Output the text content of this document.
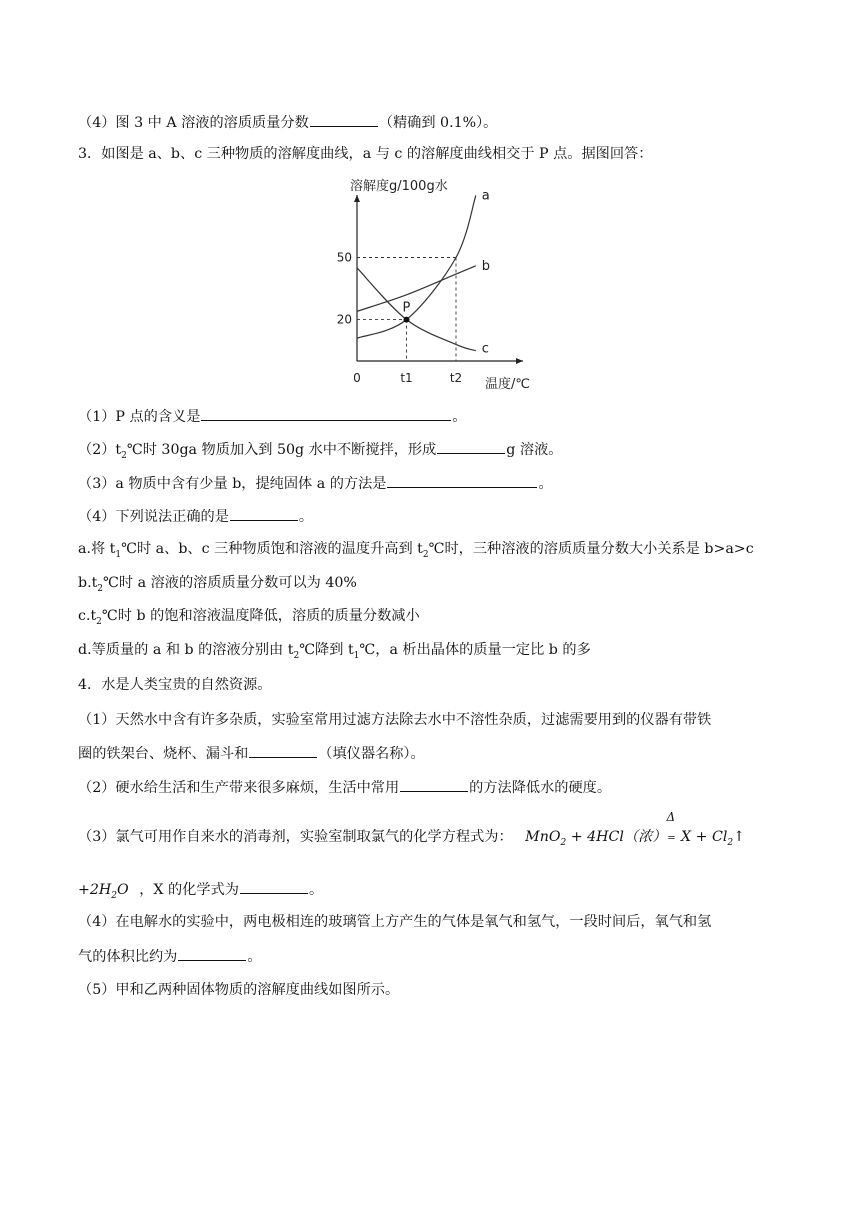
（4）图 3 中 A 溶液的溶质质量分数	（精确到 0.1%）。
3．如图是 a、b、c 三种物质的溶解度曲线，a 与 c 的溶解度曲线相交于 P 点。据图回答：
a
b
c
P
50
20
0	t1	t2
溶解度g/100g水
温度/℃
（1）P 点的含义是	。
$(2)t_2℃$时 30ga 物质加入到 50g 水中不断搅拌，形成	g 溶液。
（3）a 物质中含有少量 b，提纯固体 a 的方法是	。
（4）下列说法正确的是	。
a.将 $t_1℃$时 a、b、c 三种物质饱和溶液的温度升高到 $t_2℃$时，三种溶液的溶质质量分数大小关系是 b>a>c
$b.t_2℃$时 a 溶液的溶质质量分数可以为 40%
$c.t_2℃$时 b 的饱和溶液温度降低，溶质的质量分数减小
d.等质量的 a 和 b 的溶液分别由 $t_2℃$降到 $t_1℃$，a 析出晶体的质量一定比 b 的多
4．水是人类宝贵的自然资源。
（1）天然水中含有许多杂质，实验室常用过滤方法除去水中不溶性杂质，过滤需要用到的仪器有带铁
圈的铁架台、烧杯、漏斗和	（填仪器名称）。
（2）硬水给生活和生产带来很多麻烦，生活中常用	的方法降低水的硬度。
（3）氯气可用作自来水的消毒剂，实验室制取氯气的化学方程式为： MnO$_2$ + 4HCl（浓）
Δ
= $X + Cl_2↑$
$+2H_2O$ ，X 的化学式为	。
（4）在电解水的实验中，两电极相连的玻璃管上方产生的气体是氧气和氢气，一段时间后，氧气和氢
气的体积比约为	。
（5）甲和乙两种固体物质的溶解度曲线如图所示。
